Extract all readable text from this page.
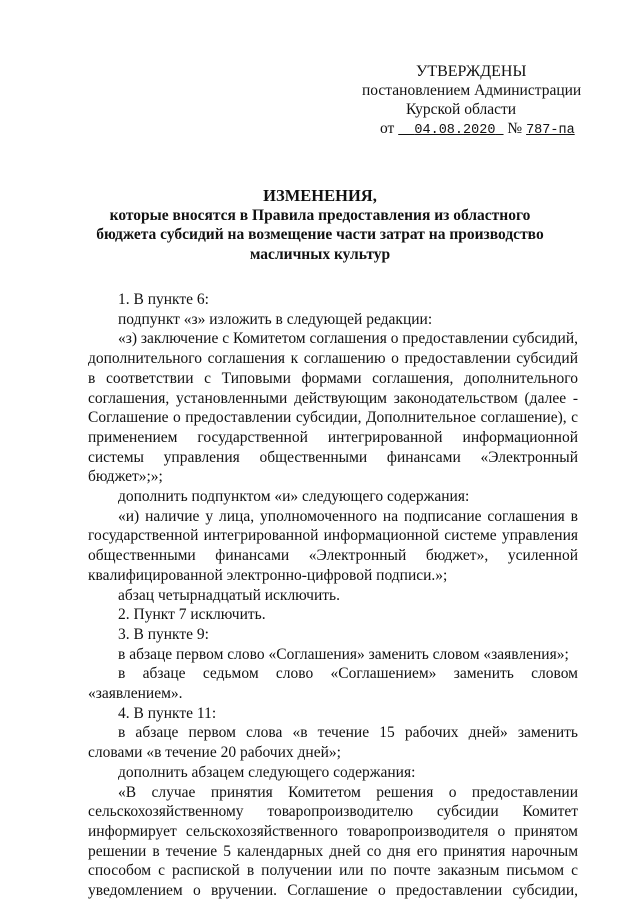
УТВЕРЖДЕНЫ
постановлением Администрации
Курской области
от 04.08.2020 № 787-па
ИЗМЕНЕНИЯ,
которые вносятся в Правила предоставления из областного
бюджета субсидий на возмещение части затрат на производство
масличных культур

1. В пункте 6:

подпункт «з» изложить в следующей редакции:

«з) заключение с Комитетом соглашения о предоставлении субсидий, дополнительного соглашения к соглашению о предоставлении субсидий в соответствии с Типовыми формами соглашения, дополнительного соглашения, установленными действующим законодательством (далее - Соглашение о предоставлении субсидии, Дополнительное соглашение), с применением государственной интегрированной информационной системы управления общественными финансами «Электронный бюджет»;»;

дополнить подпунктом «и» следующего содержания:

«и) наличие у лица, уполномоченного на подписание соглашения в государственной интегрированной информационной системе управления общественными финансами «Электронный бюджет», усиленной квалифицированной электронно-цифровой подписи.»;

абзац четырнадцатый исключить.

2. Пункт 7 исключить.

3. В пункте 9:

в абзаце первом слово «Соглашения» заменить словом «заявления»;

в абзаце седьмом слово «Соглашением» заменить словом «заявлением».

4. В пункте 11:

в абзаце первом слова «в течение 15 рабочих дней» заменить словами «в течение 20 рабочих дней»;

дополнить абзацем следующего содержания:

«В случае принятия Комитетом решения о предоставлении сельскохозяйственному товаропроизводителю субсидии Комитет информирует сельскохозяйственного товаропроизводителя о принятом решении в течение 5 календарных дней со дня его принятия нарочным способом с распиской в получении или по почте заказным письмом с уведомлением о вручении. Соглашение о предоставлении субсидии,
